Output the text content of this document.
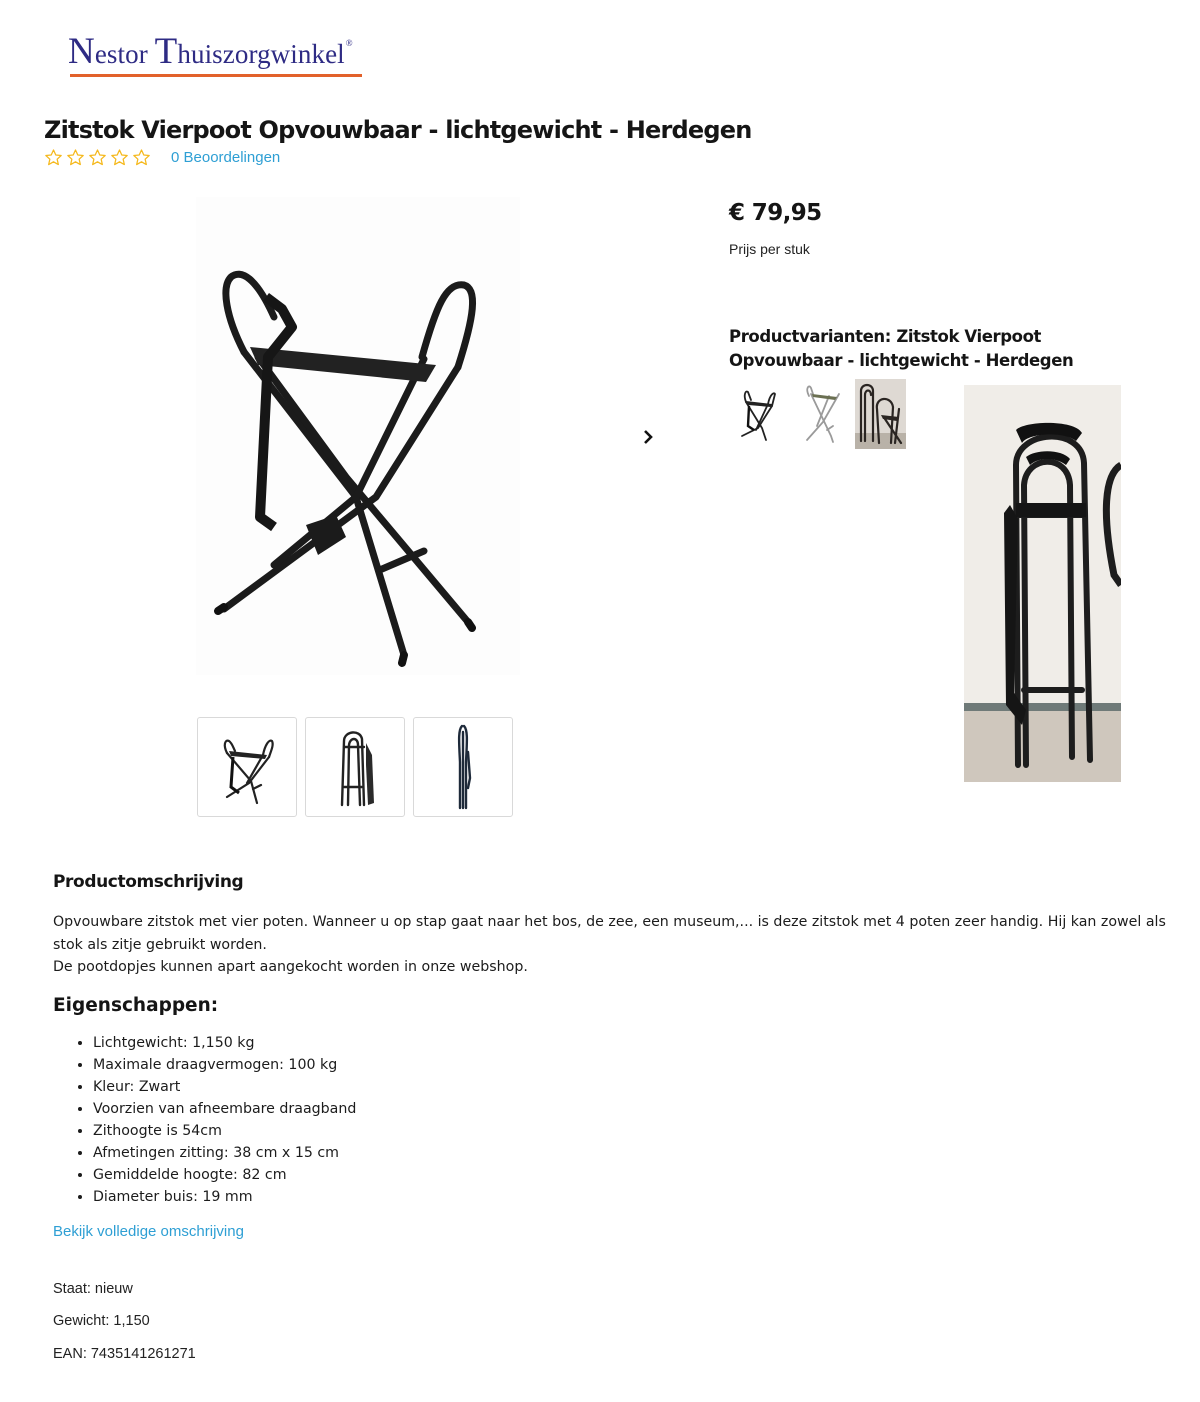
Nestor Thuiszorgwinkel®
Zitstok Vierpoot Opvouwbaar - lichtgewicht - Herdegen
0 Beoordelingen
€ 79,95
Prijs per stuk
Productvarianten: Zitstok Vierpoot Opvouwbaar - lichtgewicht - Herdegen
Productomschrijving

Opvouwbare zitstok met vier poten. Wanneer u op stap gaat naar het bos, de zee, een museum,... is deze zitstok met 4 poten zeer handig. Hij kan zowel als stok als zitje gebruikt worden.

De pootdopjes kunnen apart aangekocht worden in onze webshop.

Eigenschappen:
• Lichtgewicht: 1,150 kg
• Maximale draagvermogen: 100 kg
• Kleur: Zwart
• Voorzien van afneembare draagband
• Zithoogte is 54cm
• Afmetingen zitting: 38 cm x 15 cm
• Gemiddelde hoogte: 82 cm
• Diameter buis: 19 mm
Bekijk volledige omschrijving
Staat: nieuw
Gewicht: 1,150
EAN: 7435141261271
